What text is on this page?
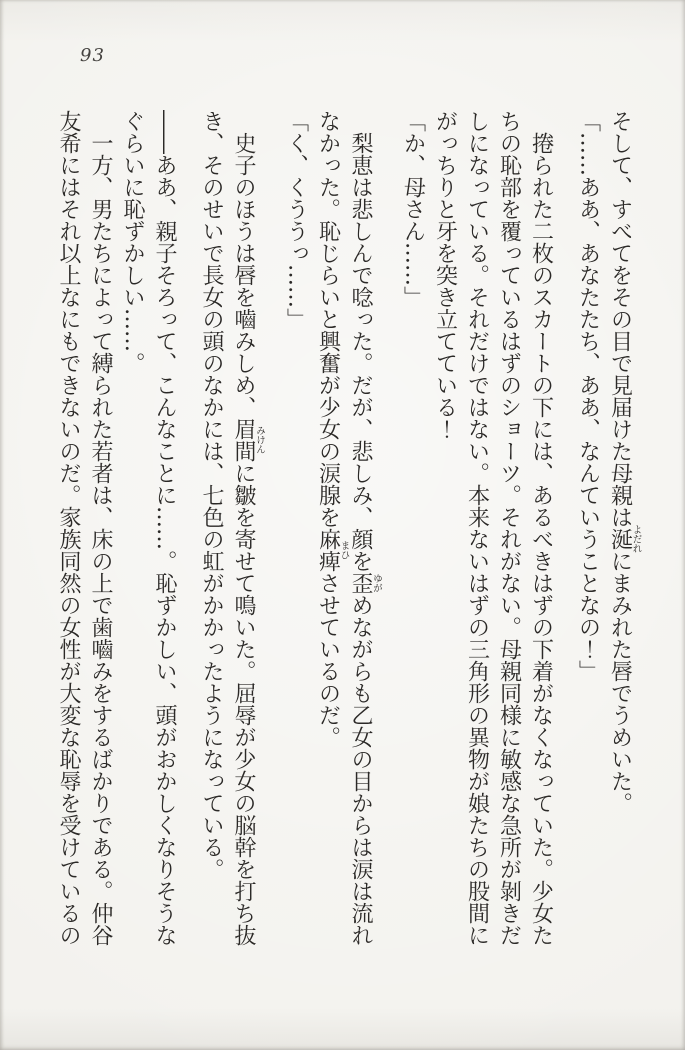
93

そして、すべてをその目で見届けた母親は涎よだれにまみれた唇でうめいた。

「……ああ、あなたたち、ああ、なんていうことなの！」

捲られた二枚のスカートの下には、あるべきはずの下着がなくなっていた。少女たちの恥部を覆っているはずのショーツ。それがない。母親同様に敏感な急所が剝きだしになっている。それだけではない。本来ないはずの三角形の異物が娘たちの股間にがっちりと牙を突き立てている！

「か、母さん……」

梨恵は悲しんで唸った。だが、悲しみ、顔を歪ゆがめながらも乙女の目からは涙は流れなかった。恥じらいと興奮が少女の涙腺を麻痺まひさせているのだ。

「く、くううっ……」

史子のほうは唇を嚙みしめ、眉間みけんに皺を寄せて鳴いた。屈辱が少女の脳幹を打ち抜き、そのせいで長女の頭のなかには、七色の虹がかかったようになっている。

――ああ、親子そろって、こんなことに……。恥ずかしい、頭がおかしくなりそうなぐらいに恥ずかしい……。

一方、男たちによって縛られた若者は、床の上で歯嚙みをするばかりである。仲谷友希にはそれ以上なにもできないのだ。家族同然の女性が大変な恥辱を受けているの
